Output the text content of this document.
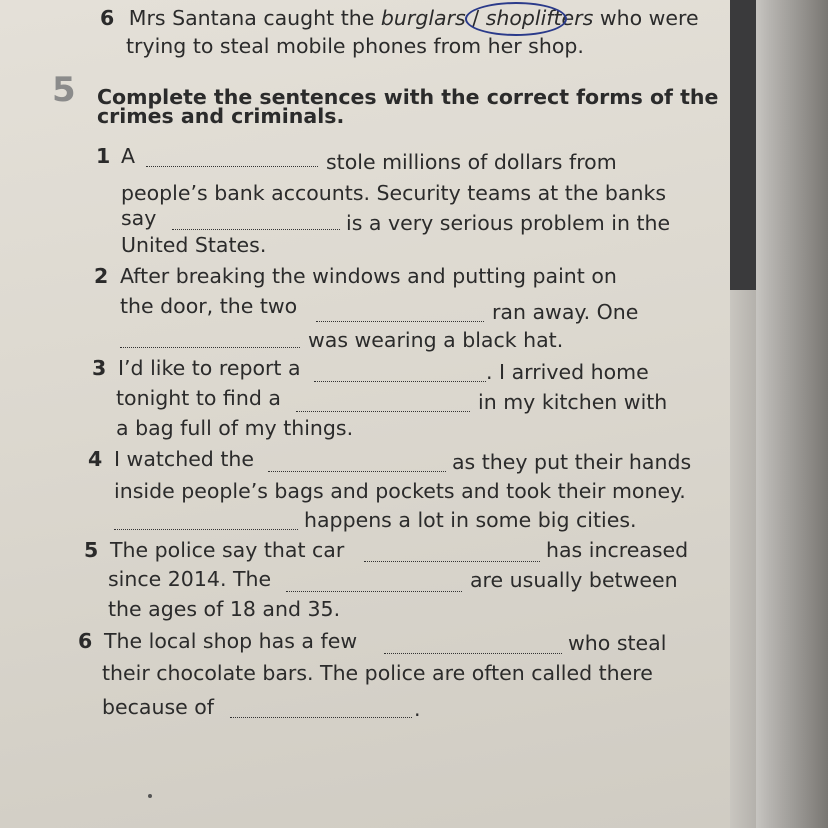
6 Mrs Santana caught the burglars / shoplifters who were
trying to steal mobile phones from her shop.
5 Complete the sentences with the correct forms of the
crimes and criminals.
1 A	stole millions of dollars from
people’s bank accounts. Security teams at the banks
say	is a very serious problem in the
United States.
2 After breaking the windows and putting paint on
the door, the two	ran away. One
was wearing a black hat.
3 I’d like to report a	. I arrived home
tonight to find a	in my kitchen with
a bag full of my things.
4 I watched the	as they put their hands
inside people’s bags and pockets and took their money.
happens a lot in some big cities.
5 The police say that car	has increased
since 2014. The	are usually between
the ages of 18 and 35.
6 The local shop has a few	who steal
their chocolate bars. The police are often called there
because of	.
